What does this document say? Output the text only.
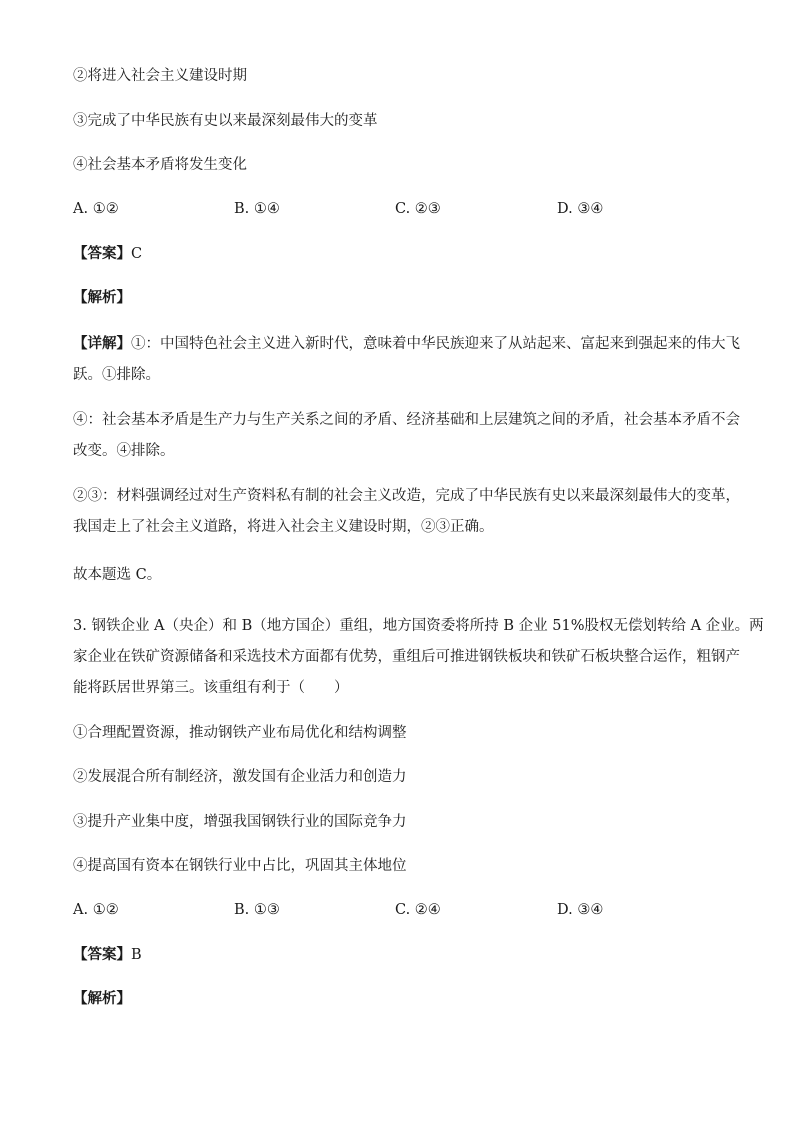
②将进入社会主义建设时期
③完成了中华民族有史以来最深刻最伟大的变革
④社会基本矛盾将发生变化
A. ①②	B. ①④	C. ②③	D. ③④
【答案】C
【解析】
【详解】①：中国特色社会主义进入新时代，意味着中华民族迎来了从站起来、富起来到强起来的伟大飞
跃。①排除。
④：社会基本矛盾是生产力与生产关系之间的矛盾、经济基础和上层建筑之间的矛盾，社会基本矛盾不会
改变。④排除。
②③：材料强调经过对生产资料私有制的社会主义改造，完成了中华民族有史以来最深刻最伟大的变革，
我国走上了社会主义道路，将进入社会主义建设时期，②③正确。
故本题选 C。
3. 钢铁企业 A（央企）和 B（地方国企）重组，地方国资委将所持 B 企业 51%股权无偿划转给 A 企业。两
家企业在铁矿资源储备和采选技术方面都有优势，重组后可推进钢铁板块和铁矿石板块整合运作，粗钢产
能将跃居世界第三。该重组有利于（　　）
①合理配置资源，推动钢铁产业布局优化和结构调整
②发展混合所有制经济，激发国有企业活力和创造力
③提升产业集中度，增强我国钢铁行业的国际竞争力
④提高国有资本在钢铁行业中占比，巩固其主体地位
A. ①②	B. ①③	C. ②④	D. ③④
【答案】B
【解析】
